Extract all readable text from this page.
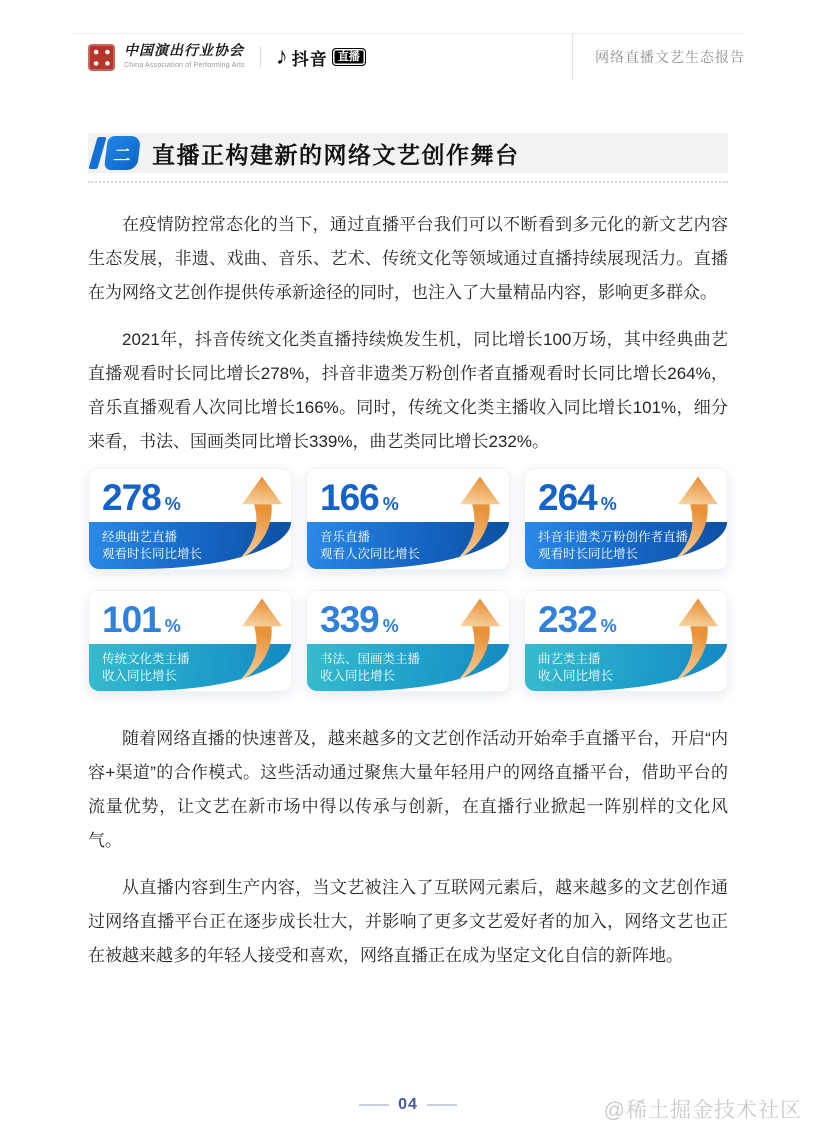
中国演出行业协会
China Association of Performing Arts ♪ 抖音 直播	网络直播文艺生态报告
二 直播正构建新的网络文艺创作舞台

在疫情防控常态化的当下，通过直播平台我们可以不断看到多元化的新文艺内容生态发展，非遗、戏曲、音乐、艺术、传统文化等领域通过直播持续展现活力。直播在为网络文艺创作提供传承新途径的同时，也注入了大量精品内容，影响更多群众。

2021年，抖音传统文化类直播持续焕发生机，同比增长100万场，其中经典曲艺直播观看时长同比增长278%，抖音非遗类万粉创作者直播观看时长同比增长264%，音乐直播观看人次同比增长166%。同时，传统文化类主播收入同比增长101%，细分来看，书法、国画类同比增长339%，曲艺类同比增长232%。

278 %
经典曲艺直播
观看时长同比增长
166 %
音乐直播
观看人次同比增长
264 %
抖音非遗类万粉创作者直播
观看时长同比增长
101 %
传统文化类主播
收入同比增长
339 %
书法、国画类主播
收入同比增长
232 %
曲艺类主播
收入同比增长

随着网络直播的快速普及，越来越多的文艺创作活动开始牵手直播平台，开启“内容+渠道”的合作模式。这些活动通过聚焦大量年轻用户的网络直播平台，借助平台的流量优势，让文艺在新市场中得以传承与创新，在直播行业掀起一阵别样的文化风气。

从直播内容到生产内容，当文艺被注入了互联网元素后，越来越多的文艺创作通过网络直播平台正在逐步成长壮大，并影响了更多文艺爱好者的加入，网络文艺也正在被越来越多的年轻人接受和喜欢，网络直播正在成为坚定文化自信的新阵地。

04	@稀土掘金技术社区
